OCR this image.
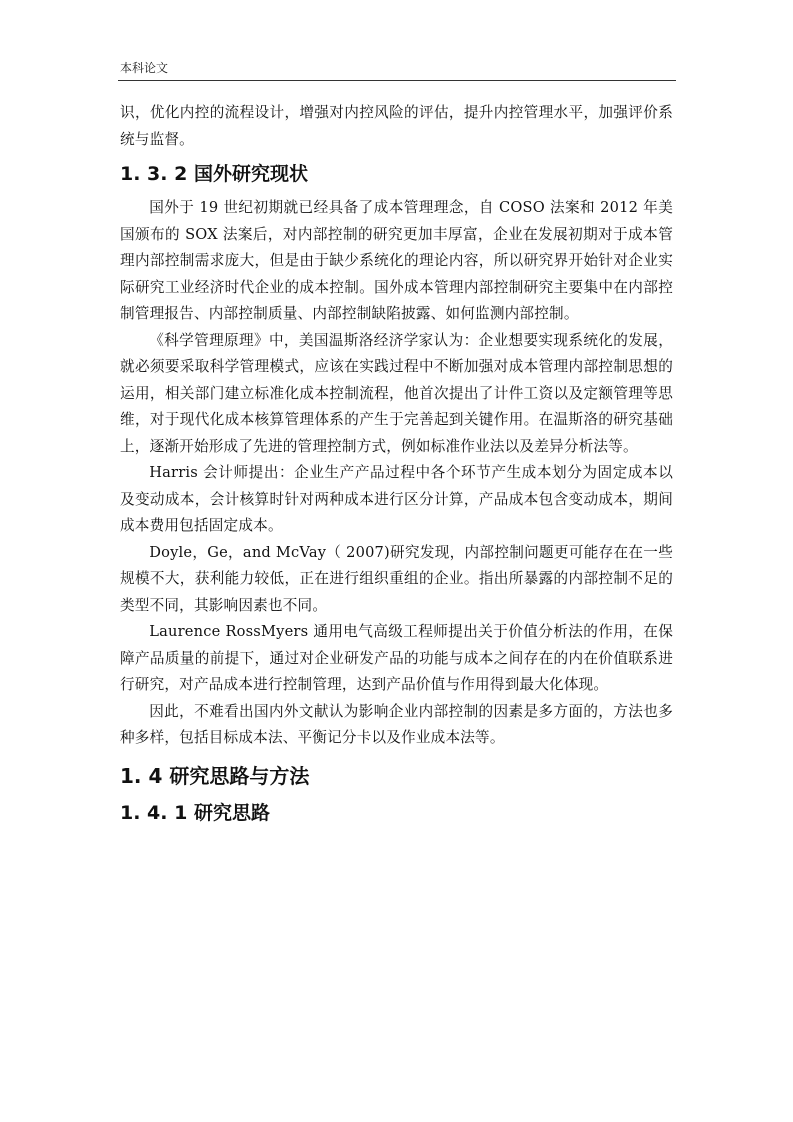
本科论文

识，优化内控的流程设计，增强对内控风险的评估，提升内控管理水平，加强评价系统与监督。

1. 3. 2 国外研究现状

国外于 19 世纪初期就已经具备了成本管理理念，自 COSO 法案和 2012 年美国颁布的 SOX 法案后，对内部控制的研究更加丰厚富，企业在发展初期对于成本管理内部控制需求庞大，但是由于缺少系统化的理论内容，所以研究界开始针对企业实际研究工业经济时代企业的成本控制。国外成本管理内部控制研究主要集中在内部控制管理报告、内部控制质量、内部控制缺陷披露、如何监测内部控制。

《科学管理原理》中，美国温斯洛经济学家认为：企业想要实现系统化的发展，就必须要采取科学管理模式，应该在实践过程中不断加强对成本管理内部控制思想的运用，相关部门建立标准化成本控制流程，他首次提出了计件工资以及定额管理等思维，对于现代化成本核算管理体系的产生于完善起到关键作用。在温斯洛的研究基础上，逐渐开始形成了先进的管理控制方式，例如标准作业法以及差异分析法等。

Harris 会计师提出：企业生产产品过程中各个环节产生成本划分为固定成本以及变动成本，会计核算时针对两种成本进行区分计算，产品成本包含变动成本，期间成本费用包括固定成本。

Doyle，Ge，and McVay（ 2007)研究发现，内部控制问题更可能存在在一些规模不大，获利能力较低，正在进行组织重组的企业。指出所暴露的内部控制不足的类型不同，其影响因素也不同。

Laurence RossMyers 通用电气高级工程师提出关于价值分析法的作用，在保障产品质量的前提下，通过对企业研发产品的功能与成本之间存在的内在价值联系进行研究，对产品成本进行控制管理，达到产品价值与作用得到最大化体现。

因此，不难看出国内外文献认为影响企业内部控制的因素是多方面的，方法也多种多样，包括目标成本法、平衡记分卡以及作业成本法等。

1. 4 研究思路与方法
1. 4. 1 研究思路
